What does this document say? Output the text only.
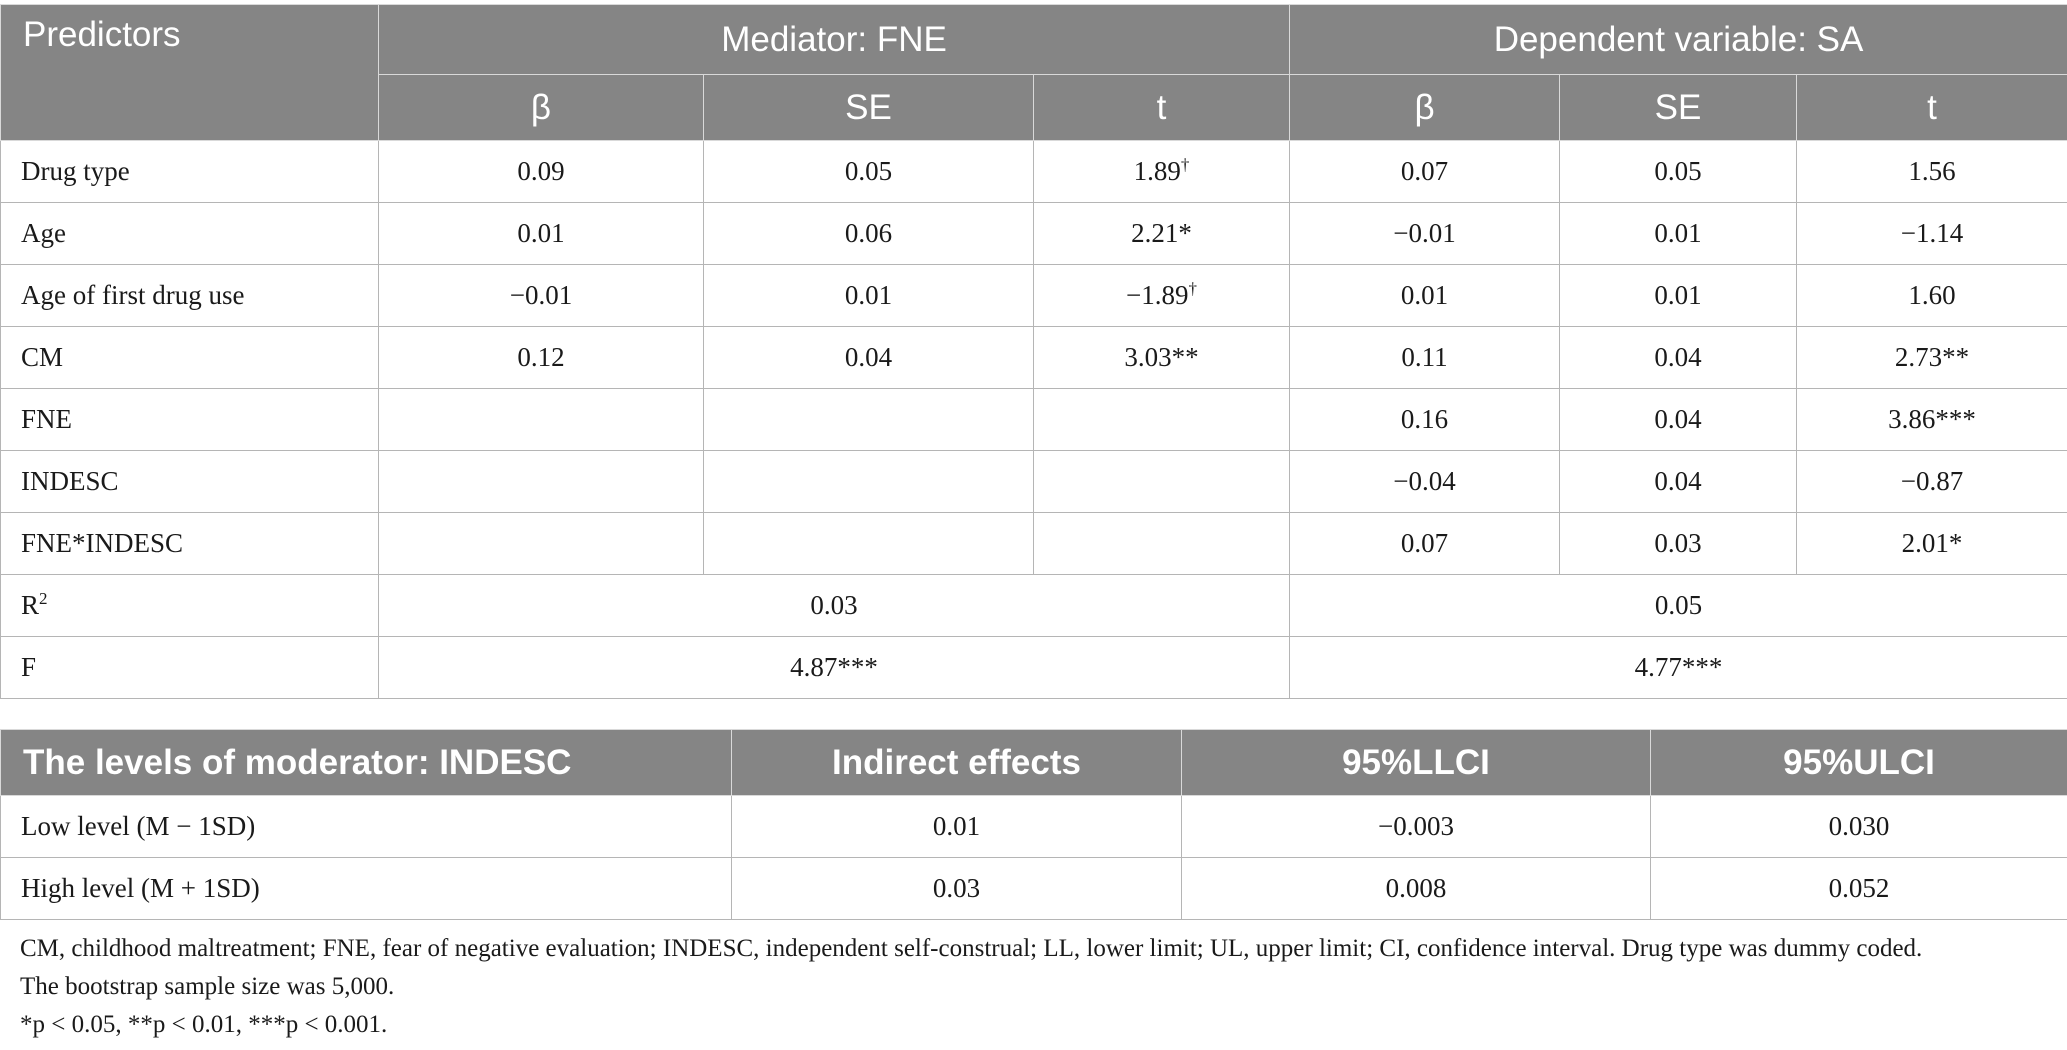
Predictors	Mediator: FNE			Dependent variable: SA		
	β	SE	t	β	SE	t
Drug type	0.09	0.05	1.89†	0.07	0.05	1.56
Age	0.01	0.06	2.21*	−0.01	0.01	−1.14
Age of first drug use	−0.01	0.01	−1.89†	0.01	0.01	1.60
CM	0.12	0.04	3.03**	0.11	0.04	2.73**
FNE				0.16	0.04	3.86***
INDESC				−0.04	0.04	−0.87
FNE*INDESC				0.07	0.03	2.01*
$R^2$	0.03			0.05		
F	4.87***			4.77***		
The levels of moderator: INDESC	Indirect effects	95%LLCI	95%ULCI
Low level (M − 1SD)	0.01	−0.003	0.030
High level (M + 1SD)	0.03	0.008	0.052

CM, childhood maltreatment; FNE, fear of negative evaluation; INDESC, independent self-construal; LL, lower limit; UL, upper limit; CI, confidence interval. Drug type was dummy coded.

The bootstrap sample size was 5,000.

*p < 0.05, **p < 0.01, ***p < 0.001.
